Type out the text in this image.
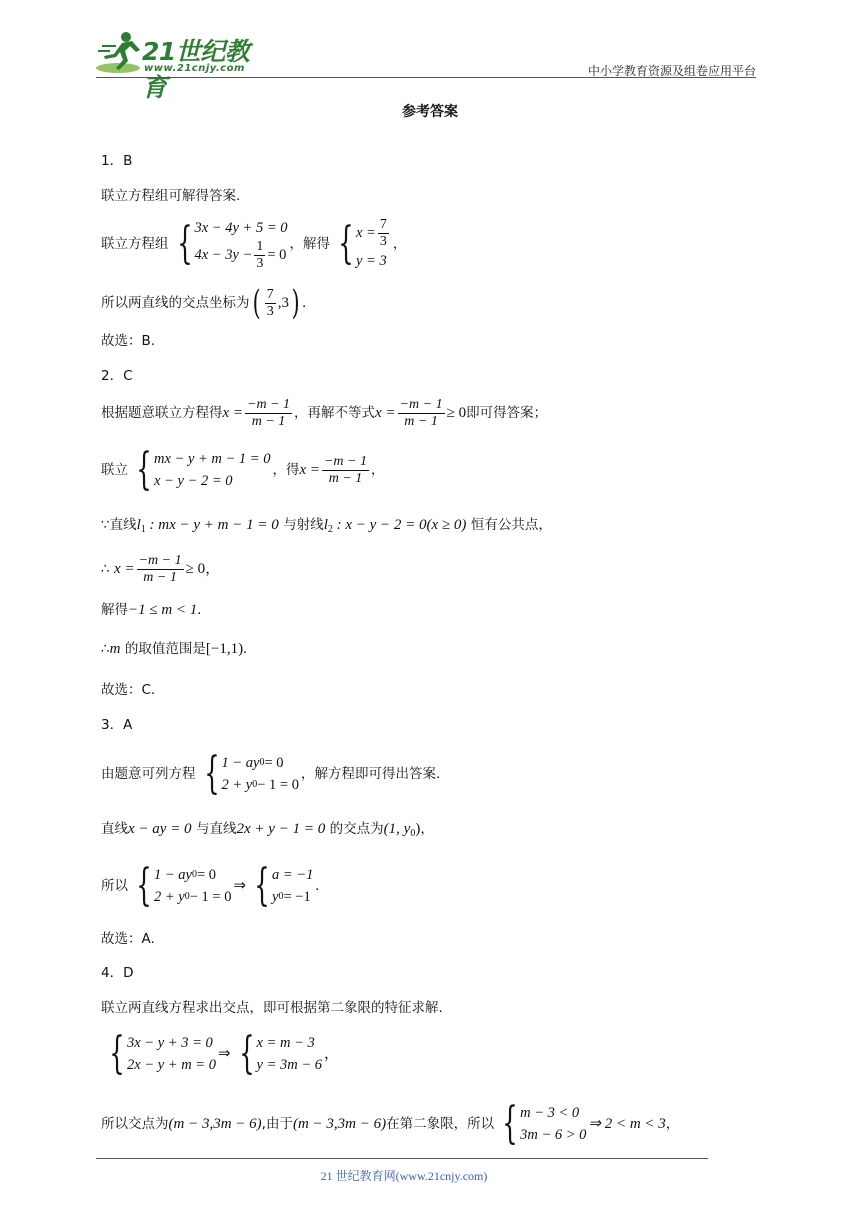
21世纪教育
www.21cnjy.com	中小学教育资源及组卷应用平台
参考答案
1．B
联立方程组可解得答案.
联立方程组 { 3x − 4y + 5 = 0
$4x - 3y - \frac{1}{3} = 0$
，解得 { $x = \frac{7}{3}$
y = 3
，
所以两直线的交点坐标为 ( $\frac{7}{3} ,3$ ) .
故选：B.
2．C
根据题意联立方程得 $x = \frac{-m - 1}{m - 1}$ ，再解不等式 $x = \frac{-m - 1}{m - 1} \ge 0$ 即可得答案；
联立 { mx − y + m − 1 = 0
x − y − 2 = 0
，得 $x = \frac{-m - 1}{m - 1}$ ，
∵直线$l_1$ : mx − y + m − 1 = 0 与射线$l_2$ : x − y − 2 = 0(x ≥ 0) 恒有公共点，
∴
$x = \frac{-m - 1}{m - 1} \ge 0$，
解得−1 ≤ m < 1.
∴m 的取值范围是[−1,1).
故选：C.
3．A
由题意可列方程 { 1 − ay 0 = 0
2 + y 0 − 1 = 0
，解方程即可得出答案.
直线x − ay = 0 与直线2x + y − 1 = 0 的交点为(1, $y_0$)，
所以 { 1 − ay 0 = 0
2 + y 0 − 1 = 0
⇒ { a = −1
y 0 = −1
.
故选：A.
4．D
联立两直线方程求出交点，即可根据第二象限的特征求解.
{ 3x − y + 3 = 0
2x − y + m = 0
⇒ { x = m − 3
y = 3m − 6
，
所以交点为 (m − 3,3m − 6) ,由于 (m − 3,3m − 6) 在第二象限，所以 { m − 3 < 0
3m − 6 > 0
⇒ 2 < m < 3 ，
21 世纪教育网(www.21cnjy.com)
